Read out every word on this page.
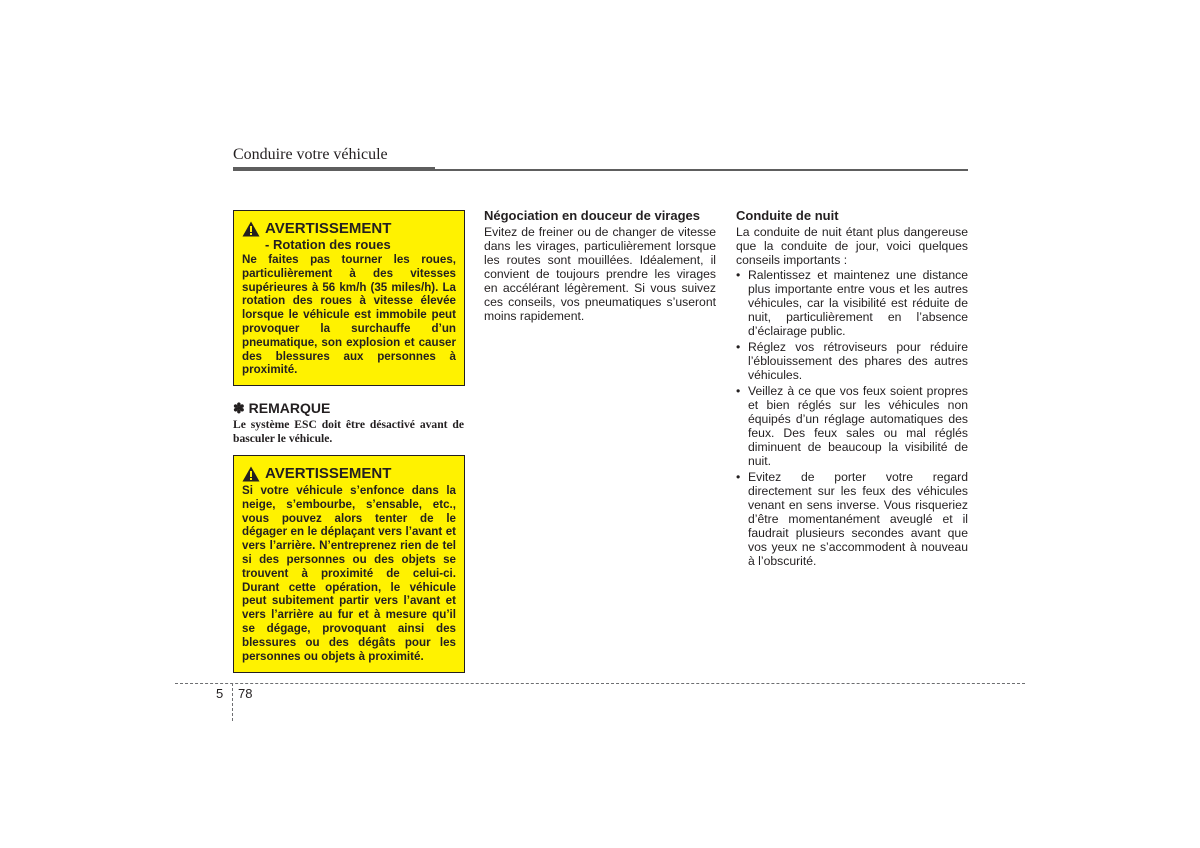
Conduire votre véhicule
AVERTISSEMENT
- Rotation des roues
Ne faites pas tourner les roues, particulièrement à des vitesses supérieures à 56 km/h (35 miles/h). La rotation des roues à vitesse élevée lorsque le véhicule est immobile peut provoquer la surchauffe d’un pneumatique, son explosion et causer des blessures aux personnes à proximité.
✽ REMARQUE
Le système ESC doit être désactivé avant de basculer le véhicule.
AVERTISSEMENT
Si votre véhicule s’enfonce dans la neige, s’embourbe, s’ensable, etc., vous pouvez alors tenter de le dégager en le déplaçant vers l’avant et vers l’arrière. N’entreprenez rien de tel si des personnes ou des objets se trouvent à proximité de celui-ci. Durant cette opération, le véhicule peut subitement partir vers l’avant et vers l’arrière au fur et à mesure qu’il se dégage, provoquant ainsi des blessures ou des dégâts pour les personnes ou objets à proximité.
Négociation en douceur de virages
Evitez de freiner ou de changer de vitesse dans les virages, particulièrement lorsque les routes sont mouillées. Idéalement, il convient de toujours prendre les virages en accélérant légèrement. Si vous suivez ces conseils, vos pneumatiques s’useront moins rapidement.
Conduite de nuit
La conduite de nuit étant plus dangereuse que la conduite de jour, voici quelques conseils importants :
• Ralentissez et maintenez une distance plus importante entre vous et les autres véhicules, car la visibilité est réduite de nuit, particulièrement en l’absence d’éclairage public.
• Réglez vos rétroviseurs pour réduire l’éblouissement des phares des autres véhicules.
• Veillez à ce que vos feux soient propres et bien réglés sur les véhicules non équipés d’un réglage automatiques des feux. Des feux sales ou mal réglés diminuent de beaucoup la visibilité de nuit.
• Evitez de porter votre regard directement sur les feux des véhicules venant en sens inverse. Vous risqueriez d’être momentanément aveuglé et il faudrait plusieurs secondes avant que vos yeux ne s’accommodent à nouveau à l’obscurité.
5 78
